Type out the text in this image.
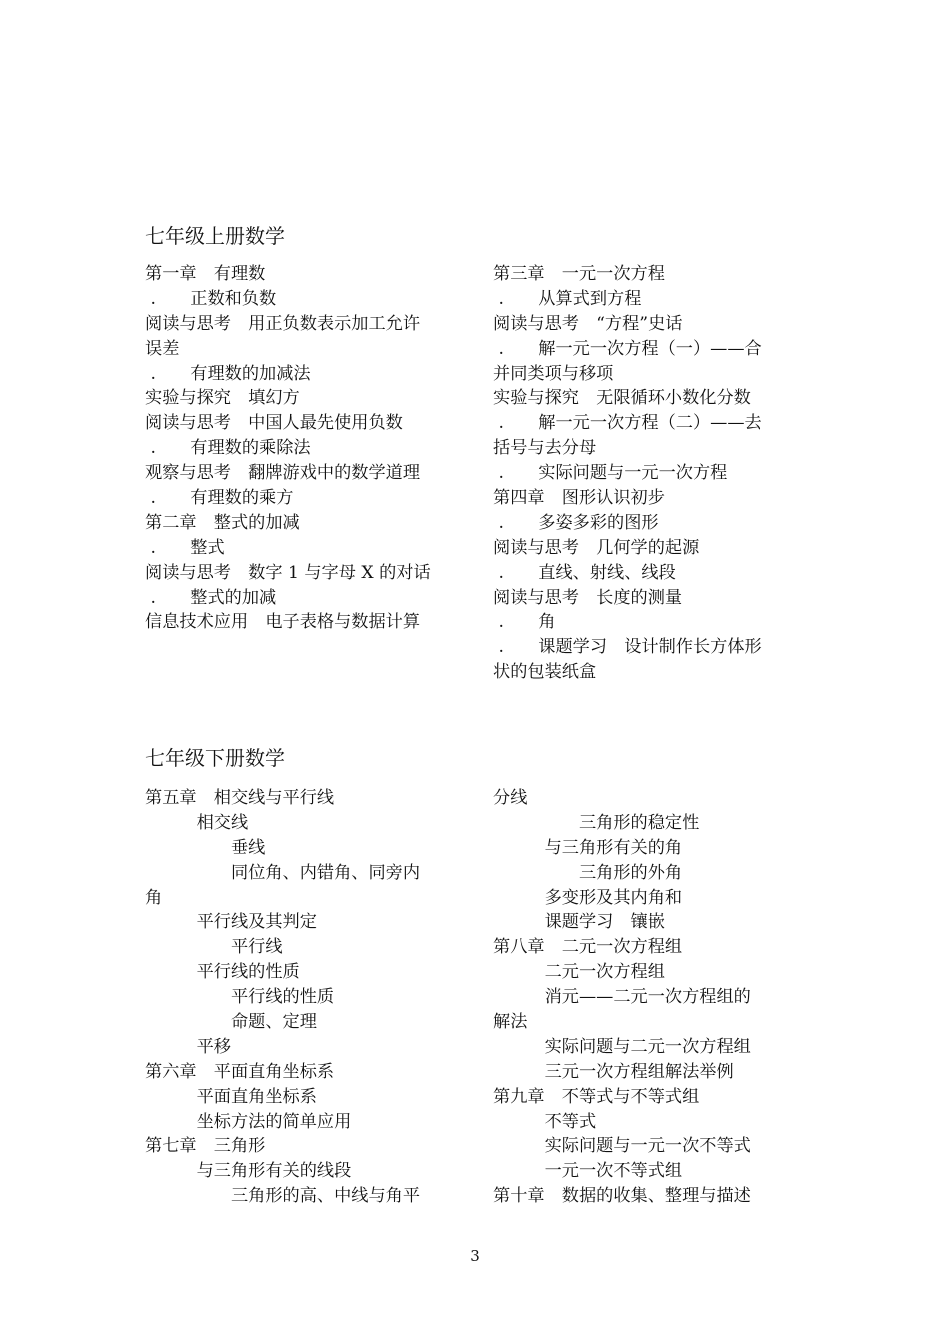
七年级上册数学
第一章　有理数
.　　正数和负数
阅读与思考　用正负数表示加工允许
误差
.　　有理数的加减法
实验与探究　填幻方
阅读与思考　中国人最先使用负数
.　　有理数的乘除法
观察与思考　翻牌游戏中的数学道理
.　　有理数的乘方
第二章　整式的加减
.　　整式
阅读与思考　数字 1 与字母 X 的对话
.　　整式的加减
信息技术应用　电子表格与数据计算
第三章　一元一次方程
.　　从算式到方程
阅读与思考　“方程”史话
.　　解一元一次方程（一）——合
并同类项与移项
实验与探究　无限循环小数化分数
.　　解一元一次方程（二）——去
括号与去分母
.　　实际问题与一元一次方程
第四章　图形认识初步
.　　多姿多彩的图形
阅读与思考　几何学的起源
.　　直线、射线、线段
阅读与思考　长度的测量
.　　角
.　　课题学习　设计制作长方体形
状的包装纸盒
七年级下册数学
第五章　相交线与平行线
　　　相交线
　　　　　垂线
　　　　　同位角、内错角、同旁内
角
　　　平行线及其判定
　　　　　平行线
　　　平行线的性质
　　　　　平行线的性质
　　　　　命题、定理
　　　平移
第六章　平面直角坐标系
　　　平面直角坐标系
　　　坐标方法的简单应用
第七章　三角形
　　　与三角形有关的线段
　　　　　三角形的高、中线与角平
分线
　　　　　三角形的稳定性
　　　与三角形有关的角
　　　　　三角形的外角
　　　多变形及其内角和
　　　课题学习　镶嵌
第八章　二元一次方程组
　　　二元一次方程组
　　　消元——二元一次方程组的
解法
　　　实际问题与二元一次方程组
　　　三元一次方程组解法举例
第九章　不等式与不等式组
　　　不等式
　　　实际问题与一元一次不等式
　　　一元一次不等式组
第十章　数据的收集、整理与描述
3
